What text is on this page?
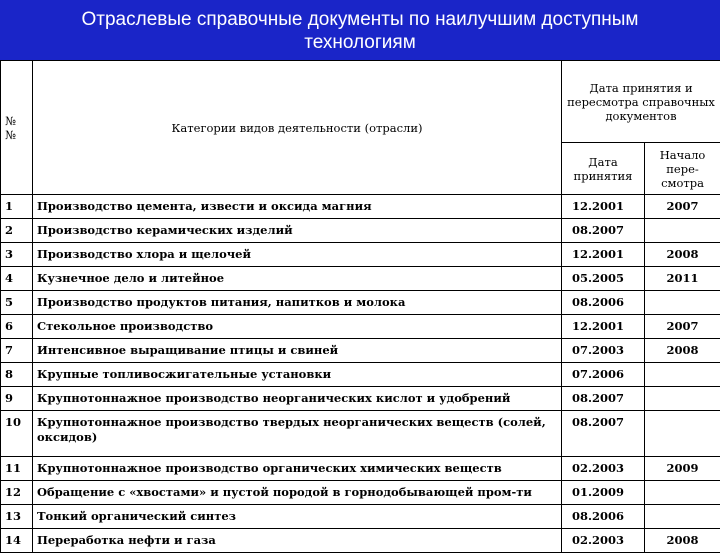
Отраслевые справочные документы по наилучшим доступным
технологиям
№ №	Категории видов деятельности (отрасли)	Дата принятия и пересмотра справочных документов	
		Дата принятия	Начало пере-смотра
1	Производство цемента, извести и оксида магния	12.2001	2007
2	Производство керамических изделий	08.2007	
3	Производство хлора и щелочей	12.2001	2008
4	Кузнечное дело и литейное	05.2005	2011
5	Производство продуктов питания, напитков и молока	08.2006	
6	Стекольное производство	12.2001	2007
7	Интенсивное выращивание птицы и свиней	07.2003	2008
8	Крупные топливосжигательные установки	07.2006	
9	Крупнотоннажное производство неорганических кислот и удобрений	08.2007	
10	Крупнотоннажное производство твердых неорганических веществ (солей, оксидов)	08.2007	
11	Крупнотоннажное производство органических химических веществ	02.2003	2009
12	Обращение с «хвостами» и пустой породой в горнодобывающей пром-ти	01.2009	
13	Тонкий органический синтез	08.2006	
14	Переработка нефти и газа	02.2003	2008
